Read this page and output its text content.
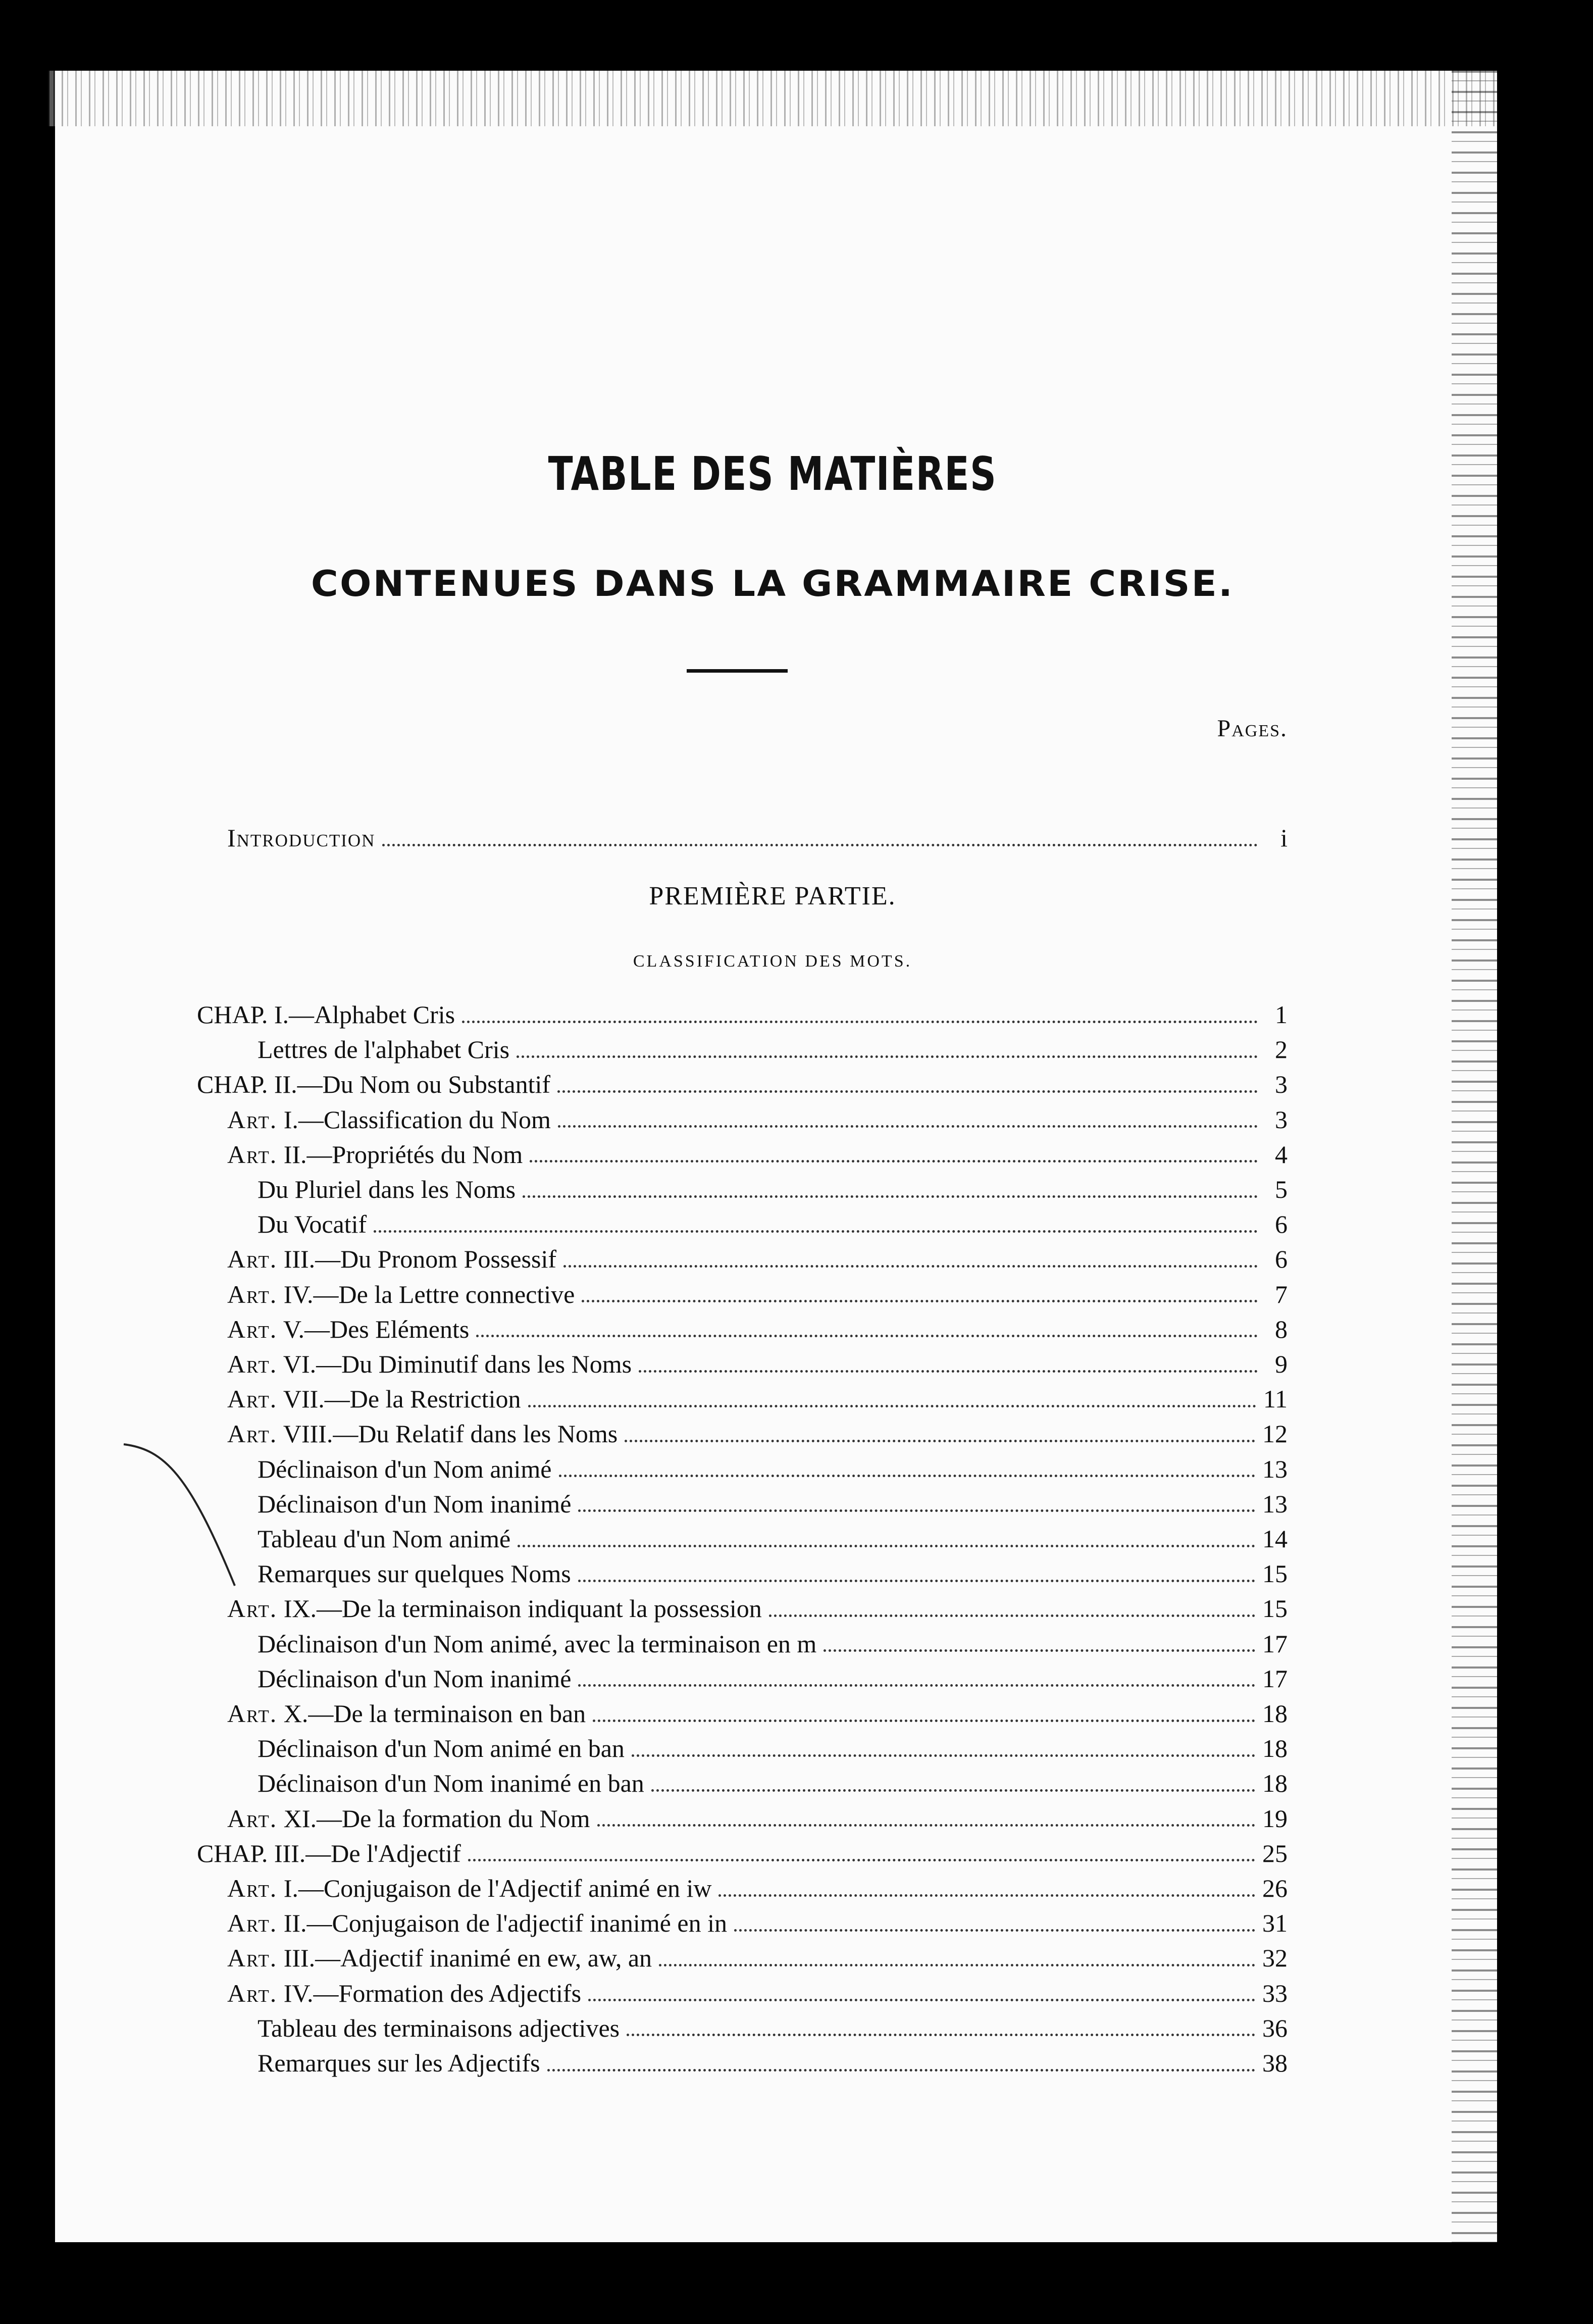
TABLE DES MATIÈRES
CONTENUES DANS LA GRAMMAIRE CRISE.
Pages.
Introduction	i
PREMIÈRE PARTIE.
CLASSIFICATION DES MOTS.
CHAP. I.—Alphabet Cris	1
Lettres de l'alphabet Cris	2
CHAP. II.—Du Nom ou Substantif	3
Art. I.—Classification du Nom	3
Art. II.—Propriétés du Nom	4
Du Pluriel dans les Noms	5
Du Vocatif	6
Art. III.—Du Pronom Possessif	6
Art. IV.—De la Lettre connective	7
Art. V.—Des Eléments	8
Art. VI.—Du Diminutif dans les Noms	9
Art. VII.—De la Restriction	11
Art. VIII.—Du Relatif dans les Noms	12
Déclinaison d'un Nom animé	13
Déclinaison d'un Nom inanimé	13
Tableau d'un Nom animé	14
Remarques sur quelques Noms	15
Art. IX.—De la terminaison indiquant la possession	15
Déclinaison d'un Nom animé, avec la terminaison en m	17
Déclinaison d'un Nom inanimé	17
Art. X.—De la terminaison en ban	18
Déclinaison d'un Nom animé en ban	18
Déclinaison d'un Nom inanimé en ban	18
Art. XI.—De la formation du Nom	19
CHAP. III.—De l'Adjectif	25
Art. I.—Conjugaison de l'Adjectif animé en iw	26
Art. II.—Conjugaison de l'adjectif inanimé en in	31
Art. III.—Adjectif inanimé en ew, aw, an	32
Art. IV.—Formation des Adjectifs	33
Tableau des terminaisons adjectives	36
Remarques sur les Adjectifs	38
